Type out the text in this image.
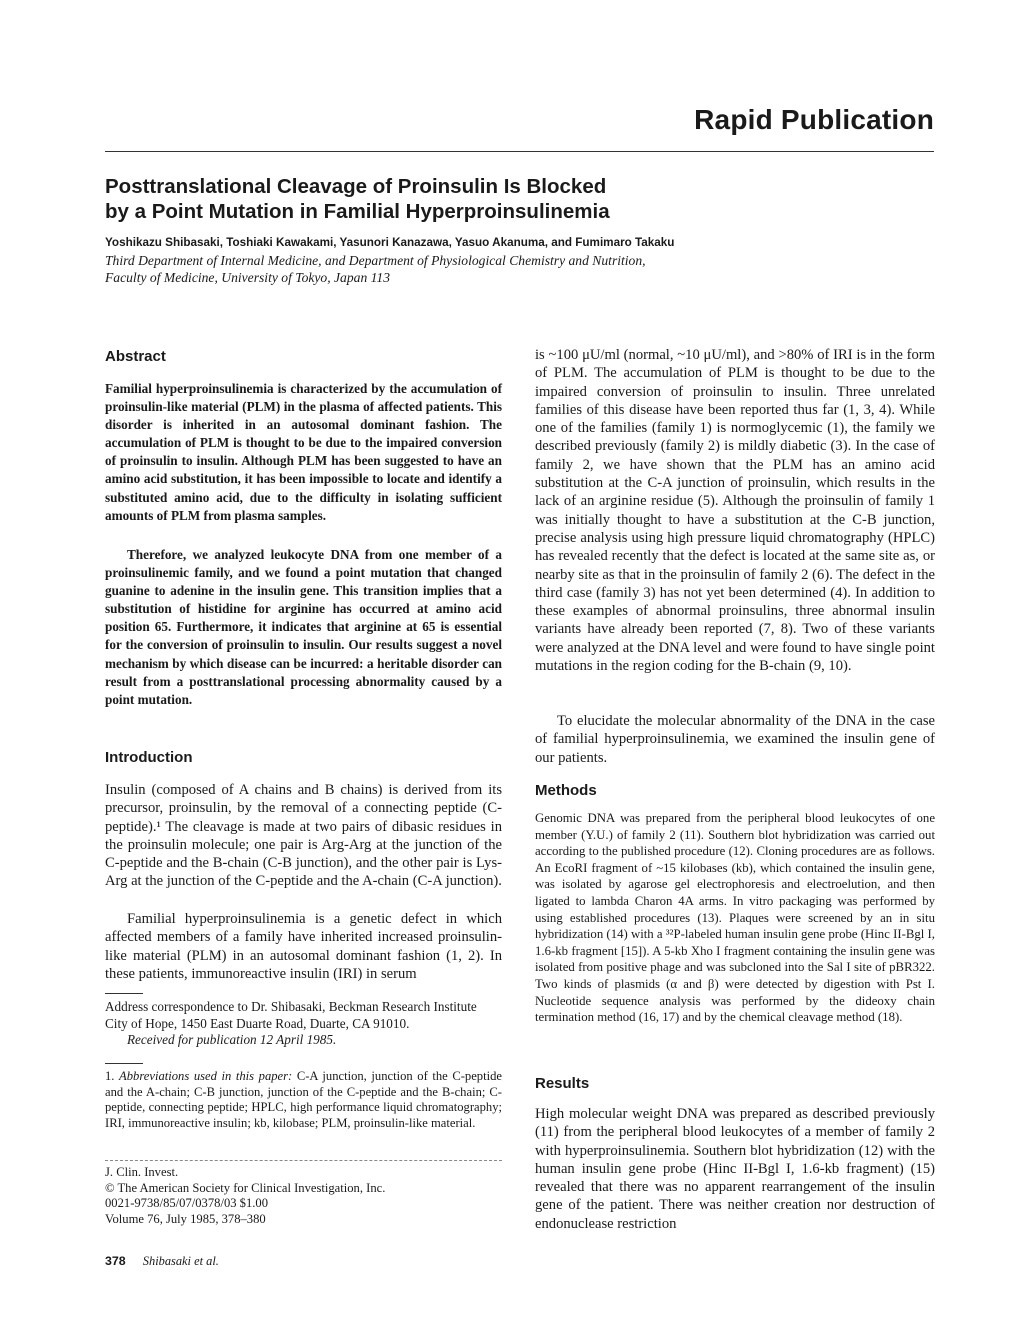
Rapid Publication
Posttranslational Cleavage of Proinsulin Is Blocked
by a Point Mutation in Familial Hyperproinsulinemia
Yoshikazu Shibasaki, Toshiaki Kawakami, Yasunori Kanazawa, Yasuo Akanuma, and Fumimaro Takaku
Third Department of Internal Medicine, and Department of Physiological Chemistry and Nutrition,
Faculty of Medicine, University of Tokyo, Japan 113
Abstract

Familial hyperproinsulinemia is characterized by the accumulation of proinsulin-like material (PLM) in the plasma of affected patients. This disorder is inherited in an autosomal dominant fashion. The accumulation of PLM is thought to be due to the impaired conversion of proinsulin to insulin. Although PLM has been suggested to have an amino acid substitution, it has been impossible to locate and identify a substituted amino acid, due to the difficulty in isolating sufficient amounts of PLM from plasma samples.

Therefore, we analyzed leukocyte DNA from one member of a proinsulinemic family, and we found a point mutation that changed guanine to adenine in the insulin gene. This transition implies that a substitution of histidine for arginine has occurred at amino acid position 65. Furthermore, it indicates that arginine at 65 is essential for the conversion of proinsulin to insulin. Our results suggest a novel mechanism by which disease can be incurred: a heritable disorder can result from a posttranslational processing abnormality caused by a point mutation.

Introduction

Insulin (composed of A chains and B chains) is derived from its precursor, proinsulin, by the removal of a connecting peptide (C-peptide).¹ The cleavage is made at two pairs of dibasic residues in the proinsulin molecule; one pair is Arg-Arg at the junction of the C-peptide and the B-chain (C-B junction), and the other pair is Lys-Arg at the junction of the C-peptide and the A-chain (C-A junction).

Familial hyperproinsulinemia is a genetic defect in which affected members of a family have inherited increased proinsulin-like material (PLM) in an autosomal dominant fashion (1, 2). In these patients, immunoreactive insulin (IRI) in serum

Address correspondence to Dr. Shibasaki, Beckman Research Institute
City of Hope, 1450 East Duarte Road, Duarte, CA 91010.
Received for publication 12 April 1985.

1. Abbreviations used in this paper: C-A junction, junction of the C-peptide and the A-chain; C-B junction, junction of the C-peptide and the B-chain; C-peptide, connecting peptide; HPLC, high performance liquid chromatography; IRI, immunoreactive insulin; kb, kilobase; PLM, proinsulin-like material.

J. Clin. Invest.
© The American Society for Clinical Investigation, Inc.
0021-9738/85/07/0378/03 $1.00
Volume 76, July 1985, 378–380

is ~100 μU/ml (normal, ~10 μU/ml), and >80% of IRI is in the form of PLM. The accumulation of PLM is thought to be due to the impaired conversion of proinsulin to insulin. Three unrelated families of this disease have been reported thus far (1, 3, 4). While one of the families (family 1) is normoglycemic (1), the family we described previously (family 2) is mildly diabetic (3). In the case of family 2, we have shown that the PLM has an amino acid substitution at the C-A junction of proinsulin, which results in the lack of an arginine residue (5). Although the proinsulin of family 1 was initially thought to have a substitution at the C-B junction, precise analysis using high pressure liquid chromatography (HPLC) has revealed recently that the defect is located at the same site as, or nearby site as that in the proinsulin of family 2 (6). The defect in the third case (family 3) has not yet been determined (4). In addition to these examples of abnormal proinsulins, three abnormal insulin variants have already been reported (7, 8). Two of these variants were analyzed at the DNA level and were found to have single point mutations in the region coding for the B-chain (9, 10).

To elucidate the molecular abnormality of the DNA in the case of familial hyperproinsulinemia, we examined the insulin gene of our patients.

Methods

Genomic DNA was prepared from the peripheral blood leukocytes of one member (Y.U.) of family 2 (11). Southern blot hybridization was carried out according to the published procedure (12). Cloning procedures are as follows. An EcoRI fragment of ~15 kilobases (kb), which contained the insulin gene, was isolated by agarose gel electrophoresis and electroelution, and then ligated to lambda Charon 4A arms. In vitro packaging was performed by using established procedures (13). Plaques were screened by an in situ hybridization (14) with a ³²P-labeled human insulin gene probe (Hinc II-Bgl I, 1.6-kb fragment [15]). A 5-kb Xho I fragment containing the insulin gene was isolated from positive phage and was subcloned into the Sal I site of pBR322. Two kinds of plasmids (α and β) were detected by digestion with Pst I. Nucleotide sequence analysis was performed by the dideoxy chain termination method (16, 17) and by the chemical cleavage method (18).

Results

High molecular weight DNA was prepared as described previously (11) from the peripheral blood leukocytes of a member of family 2 with hyperproinsulinemia. Southern blot hybridization (12) with the human insulin gene probe (Hinc II-Bgl I, 1.6-kb fragment) (15) revealed that there was no apparent rearrangement of the insulin gene of the patient. There was neither creation nor destruction of endonuclease restriction

378 Shibasaki et al.
